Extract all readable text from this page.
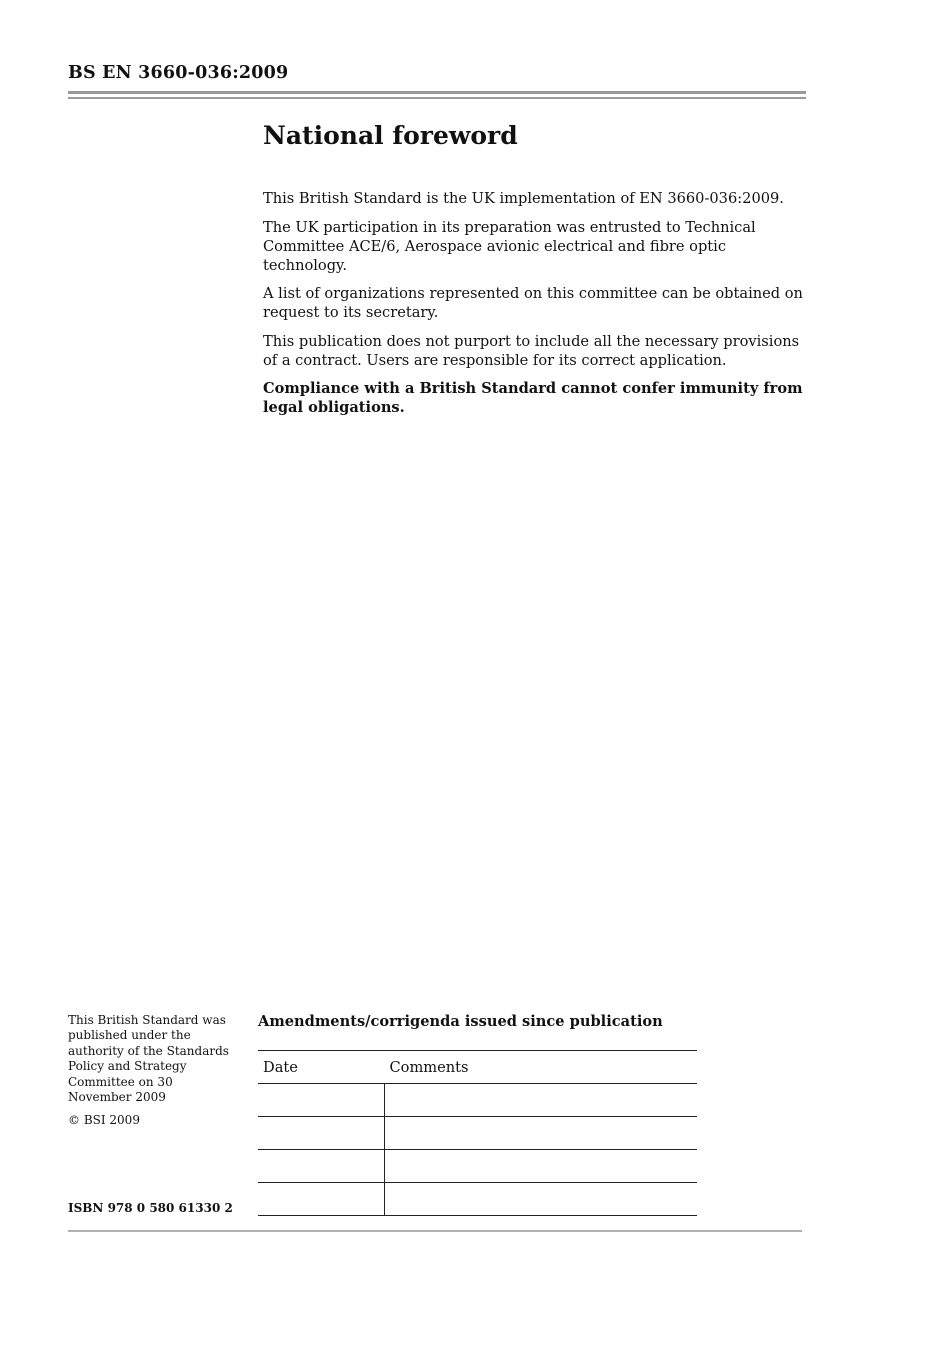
BS EN 3660-036:2009
National foreword

This British Standard is the UK implementation of EN 3660-036:2009.

The UK participation in its preparation was entrusted to Technical Committee ACE/6, Aerospace avionic electrical and fibre optic technology.

A list of organizations represented on this committee can be obtained on request to its secretary.

This publication does not purport to include all the necessary provisions of a contract. Users are responsible for its correct application.

Compliance with a British Standard cannot confer immunity from legal obligations.

This British Standard was published under the authority of the Standards Policy and Strategy Committee on 30 November 2009
© BSI 2009
ISBN 978 0 580 61330 2
Amendments/corrigenda issued since publication
Date	Comments
